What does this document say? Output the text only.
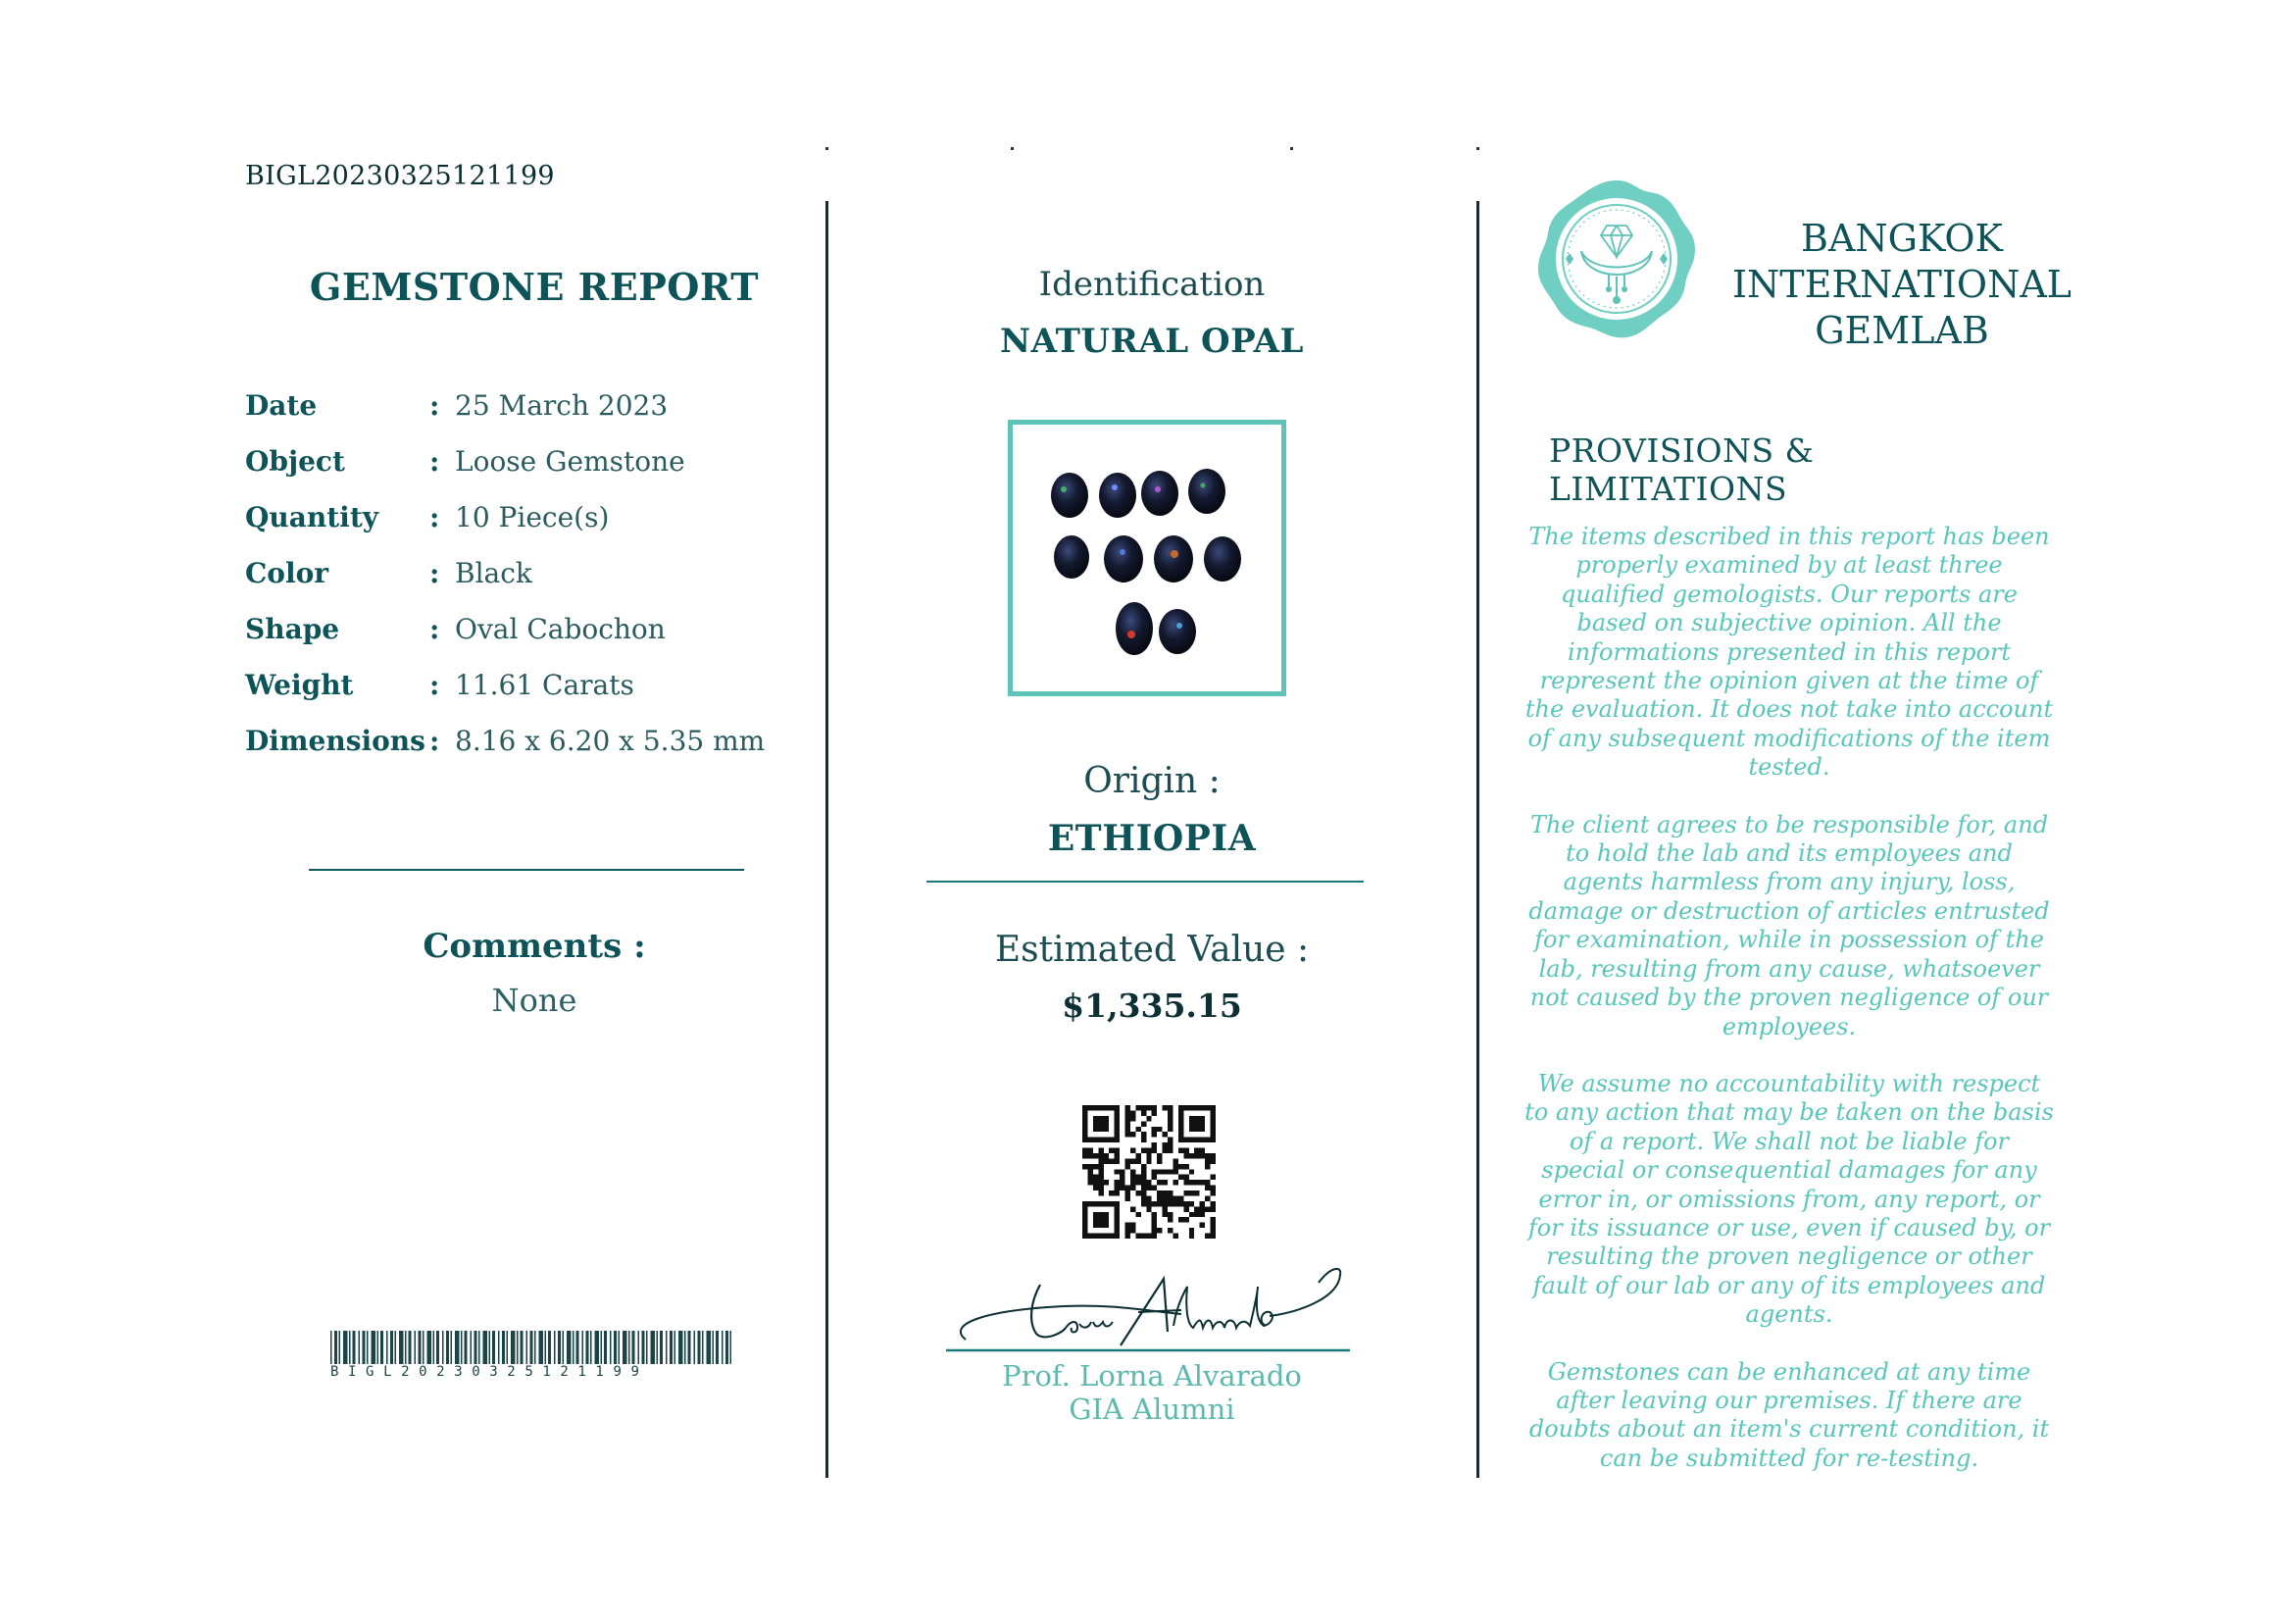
BIGL20230325121199
GEMSTONE REPORT
Date	: 25 March 2023
Object	: Loose Gemstone
Quantity	: 10 Piece(s)
Color	: Black
Shape	: Oval Cabochon
Weight	: 11.61 Carats
Dimensions : 8.16 x 6.20 x 5.35 mm
Comments :
None
BIGL20230325121199
Identification
NATURAL OPAL
Origin :
ETHIOPIA
Estimated Value :
$1,335.15
Prof. Lorna Alvarado
GIA Alumni
BANGKOK
INTERNATIONAL
GEMLAB
PROVISIONS & LIMITATIONS

The items described in this report has been properly examined by at least three qualified gemologists. Our reports are based on subjective opinion. All the informations presented in this report represent the opinion given at the time of the evaluation. It does not take into account of any subsequent modifications of the item tested.

The client agrees to be responsible for, and to hold the lab and its employees and agents harmless from any injury, loss, damage or destruction of articles entrusted for examination, while in possession of the lab, resulting from any cause, whatsoever not caused by the proven negligence of our employees.

We assume no accountability with respect to any action that may be taken on the basis of a report. We shall not be liable for special or consequential damages for any error in, or omissions from, any report, or for its issuance or use, even if caused by, or resulting the proven negligence or other fault of our lab or any of its employees and agents.

Gemstones can be enhanced at any time after leaving our premises. If there are doubts about an item's current condition, it can be submitted for re-testing.
